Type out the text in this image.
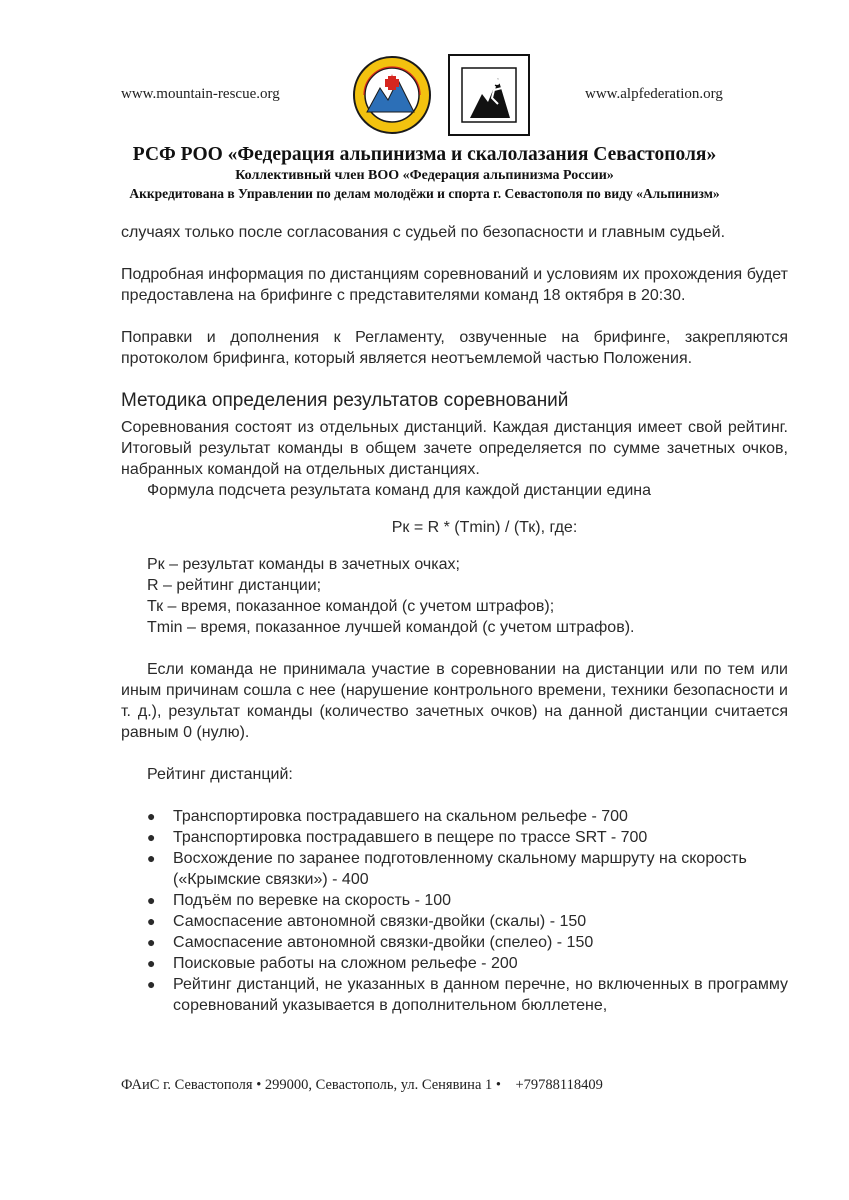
www.mountain-rescue.org	www.alpfederation.org
РСФ РОО «Федерация альпинизма и скалолазания Севастополя»
Коллективный член ВОО «Федерация альпинизма России»
Аккредитована в Управлении по делам молодёжи и спорта г. Севастополя по виду «Альпинизм»

случаях только после согласования с судьей по безопасности и главным судьей.

Подробная информация по дистанциям соревнований и условиям их прохождения будет предоставлена на брифинге с представителями команд 18 октября в 20:30.

Поправки и дополнения к Регламенту, озвученные на брифинге, закрепляются протоколом брифинга, который является неотъемлемой частью Положения.

Методика определения результатов соревнований

Соревнования состоят из отдельных дистанций. Каждая дистанция имеет свой рейтинг. Итоговый результат команды в общем зачете определяется по сумме зачетных очков, набранных командой на отдельных дистанциях.

Формула подсчета результата команд для каждой дистанции едина

Рк = R * (Tmin) / (Тк), где:

Рк – результат команды в зачетных очках;
R – рейтинг дистанции;
Тк – время, показанное командой (с учетом штрафов);
Tmin – время, показанное лучшей командой (с учетом штрафов).

Если команда не принимала участие в соревновании на дистанции или по тем или иным причинам сошла с нее (нарушение контрольного времени, техники безопасности и т. д.), результат команды (количество зачетных очков) на данной дистанции считается равным 0 (нулю).

Рейтинг дистанций:

● Транспортировка пострадавшего на скальном рельефе - 700
● Транспортировка пострадавшего в пещере по трассе SRT - 700
● Восхождение по заранее подготовленному скальному маршруту на скорость («Крымские связки») - 400
● Подъём по веревке на скорость - 100
● Самоспасение автономной связки-двойки (скалы) - 150
● Самоспасение автономной связки-двойки (спелео) - 150
● Поисковые работы на сложном рельефе - 200
● Рейтинг дистанций, не указанных в данном перечне, но включенных в программу соревнований указывается в дополнительном бюллетене,
ФАиС г. Севастополя • 299000, Севастополь, ул. Сенявина 1 • +79788118409
